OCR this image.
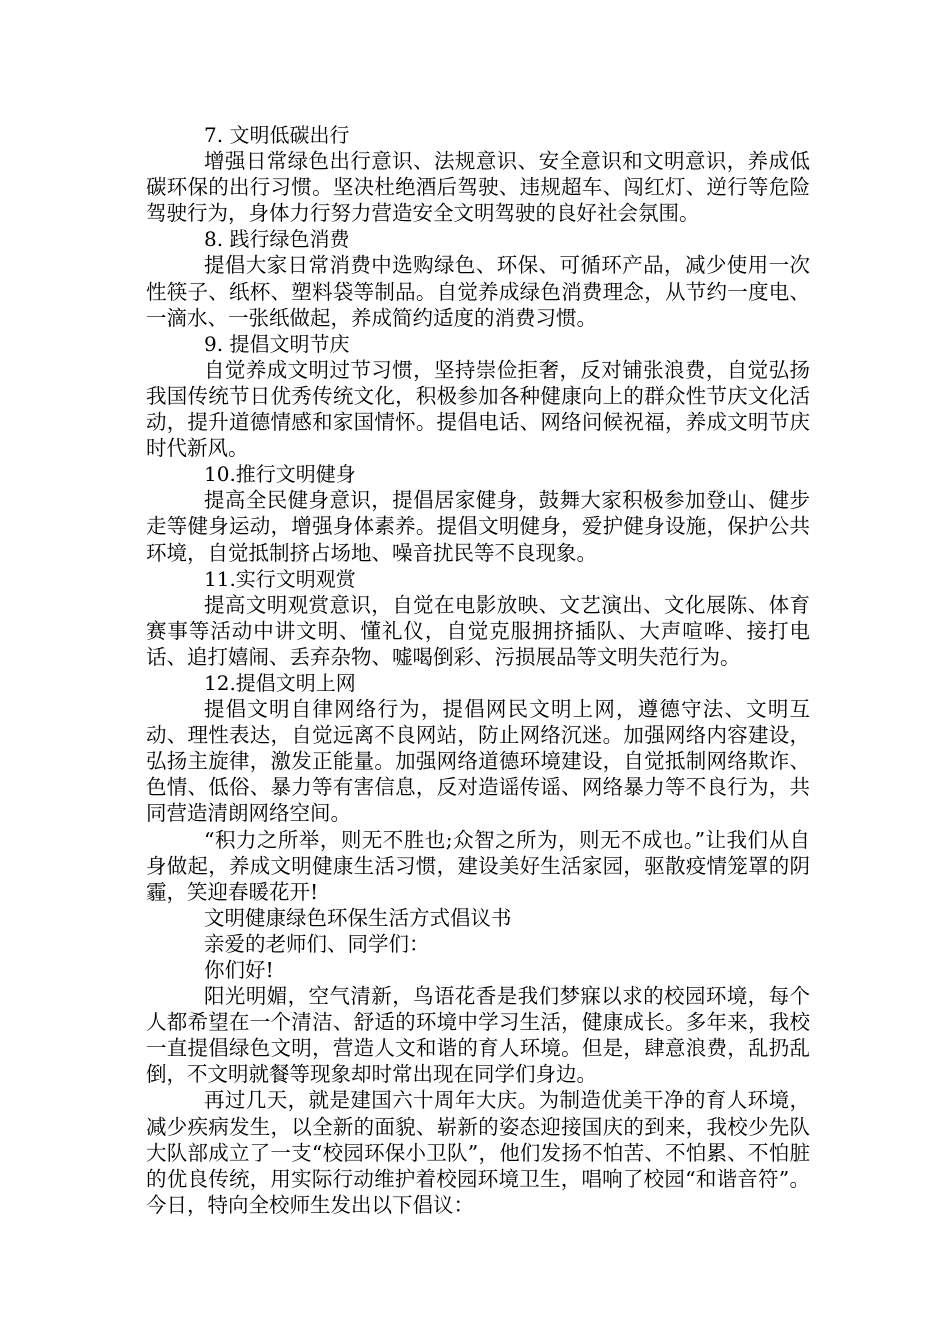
7. 文明低碳出行
增强日常绿色出行意识、法规意识、安全意识和文明意识，养成低碳环保的出行习惯。坚决杜绝酒后驾驶、违规超车、闯红灯、逆行等危险驾驶行为，身体力行努力营造安全文明驾驶的良好社会氛围。
8. 践行绿色消费
提倡大家日常消费中选购绿色、环保、可循环产品，减少使用一次性筷子、纸杯、塑料袋等制品。自觉养成绿色消费理念，从节约一度电、一滴水、一张纸做起，养成简约适度的消费习惯。
9. 提倡文明节庆
自觉养成文明过节习惯，坚持崇俭拒奢，反对铺张浪费，自觉弘扬我国传统节日优秀传统文化，积极参加各种健康向上的群众性节庆文化活动，提升道德情感和家国情怀。提倡电话、网络问候祝福，养成文明节庆时代新风。
10.推行文明健身
提高全民健身意识，提倡居家健身，鼓舞大家积极参加登山、健步走等健身运动，增强身体素养。提倡文明健身，爱护健身设施，保护公共环境，自觉抵制挤占场地、噪音扰民等不良现象。
11.实行文明观赏
提高文明观赏意识，自觉在电影放映、文艺演出、文化展陈、体育赛事等活动中讲文明、懂礼仪，自觉克服拥挤插队、大声喧哗、接打电话、追打嬉闹、丢弃杂物、嘘喝倒彩、污损展品等文明失范行为。
12.提倡文明上网
提倡文明自律网络行为，提倡网民文明上网，遵德守法、文明互动、理性表达，自觉远离不良网站，防止网络沉迷。加强网络内容建设，弘扬主旋律，激发正能量。加强网络道德环境建设，自觉抵制网络欺诈、色情、低俗、暴力等有害信息，反对造谣传谣、网络暴力等不良行为，共同营造清朗网络空间。
“积力之所举，则无不胜也;众智之所为，则无不成也。”让我们从自身做起，养成文明健康生活习惯，建设美好生活家园，驱散疫情笼罩的阴霾，笑迎春暖花开!
文明健康绿色环保生活方式倡议书
亲爱的老师们、同学们：
你们好!
阳光明媚，空气清新，鸟语花香是我们梦寐以求的校园环境，每个人都希望在一个清洁、舒适的环境中学习生活，健康成长。多年来，我校一直提倡绿色文明，营造人文和谐的育人环境。但是，肆意浪费，乱扔乱倒，不文明就餐等现象却时常出现在同学们身边。
再过几天，就是建国六十周年大庆。为制造优美干净的育人环境，减少疾病发生，以全新的面貌、崭新的姿态迎接国庆的到来，我校少先队大队部成立了一支“校园环保小卫队”，他们发扬不怕苦、不怕累、不怕脏的优良传统，用实际行动维护着校园环境卫生，唱响了校园“和谐音符”。今日，特向全校师生发出以下倡议：
